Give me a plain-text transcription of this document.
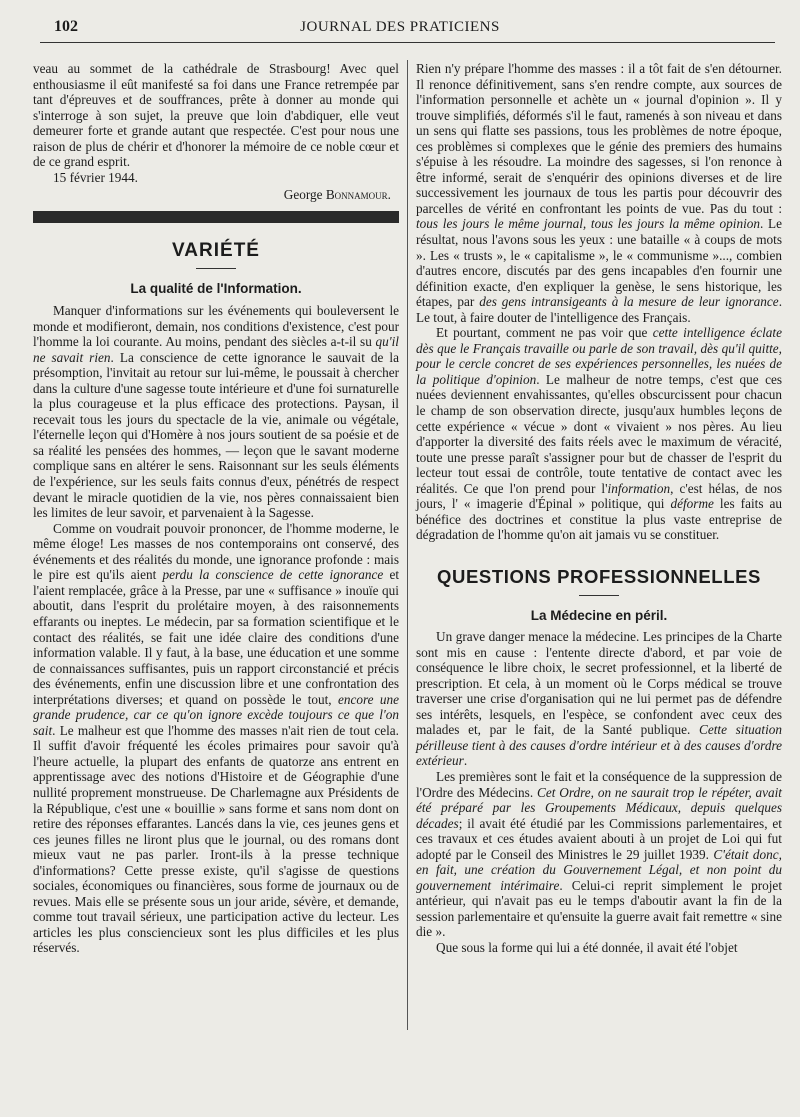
102	JOURNAL DES PRATICIENS

veau au sommet de la cathédrale de Strasbourg! Avec quel enthousiasme il eût manifesté sa foi dans une France retrempée par tant d'épreuves et de souffrances, prête à donner au monde qui s'interroge à son sujet, la preuve que loin d'abdiquer, elle veut demeurer forte et grande autant que respectée. C'est pour nous une raison de plus de chérir et d'honorer la mémoire de ce noble cœur et de ce grand esprit.

15 février 1944.

George Bonnamour.
VARIÉTÉ
La qualité de l'Information.

Manquer d'informations sur les événements qui bouleversent le monde et modifieront, demain, nos conditions d'existence, c'est pour l'homme la loi courante. Au moins, pendant des siècles a-t-il su qu'il ne savait rien. La conscience de cette ignorance le sauvait de la présomption, l'invitait au retour sur lui-même, le poussait à chercher dans la culture d'une sagesse toute intérieure et d'une foi surnaturelle la plus courageuse et la plus efficace des protections. Paysan, il recevait tous les jours du spectacle de la vie, animale ou végétale, l'éternelle leçon qui d'Homère à nos jours soutient de sa poésie et de sa réalité les pensées des hommes, — leçon que le savant moderne complique sans en altérer le sens. Raisonnant sur les seuls éléments de l'expérience, sur les seuls faits connus d'eux, pénétrés de respect devant le miracle quotidien de la vie, nos pères connaissaient bien les limites de leur savoir, et parvenaient à la Sagesse.

Comme on voudrait pouvoir prononcer, de l'homme moderne, le même éloge! Les masses de nos contemporains ont conservé, des événements et des réalités du monde, une ignorance profonde : mais le pire est qu'ils aient perdu la conscience de cette ignorance et l'aient remplacée, grâce à la Presse, par une « suffisance » inouïe qui aboutit, dans l'esprit du prolétaire moyen, à des raisonnements effarants ou ineptes. Le médecin, par sa formation scientifique et le contact des réalités, se fait une idée claire des conditions d'une information valable. Il y faut, à la base, une éducation et une somme de connaissances suffisantes, puis un rapport circonstancié et précis des événements, enfin une discussion libre et une confrontation des interprétations diverses; et quand on possède le tout, encore une grande prudence, car ce qu'on ignore excède toujours ce que l'on sait. Le malheur est que l'homme des masses n'ait rien de tout cela. Il suffit d'avoir fréquenté les écoles primaires pour savoir qu'à l'heure actuelle, la plupart des enfants de quatorze ans entrent en apprentissage avec des notions d'Histoire et de Géographie d'une nullité proprement monstrueuse. De Charlemagne aux Présidents de la République, c'est une « bouillie » sans forme et sans nom dont on retire des réponses effarantes. Lancés dans la vie, ces jeunes gens et ces jeunes filles ne liront plus que le journal, ou des romans dont mieux vaut ne pas parler. Iront-ils à la presse technique d'informations? Cette presse existe, qu'il s'agisse de questions sociales, économiques ou financières, sous forme de journaux ou de revues. Mais elle se présente sous un jour aride, sévère, et demande, comme tout travail sérieux, une participation active du lecteur. Les articles les plus consciencieux sont les plus difficiles et les plus réservés.

Rien n'y prépare l'homme des masses : il a tôt fait de s'en détourner. Il renonce définitivement, sans s'en rendre compte, aux sources de l'information personnelle et achète un « journal d'opinion ». Il y trouve simplifiés, déformés s'il le faut, ramenés à son niveau et dans un sens qui flatte ses passions, tous les problèmes de notre époque, ces problèmes si complexes que le génie des premiers des humains s'épuise à les résoudre. La moindre des sagesses, si l'on renonce à être informé, serait de s'enquérir des opinions diverses et de lire successivement les journaux de tous les partis pour découvrir des parcelles de vérité en confrontant les points de vue. Pas du tout : tous les jours le même journal, tous les jours la même opinion. Le résultat, nous l'avons sous les yeux : une bataille « à coups de mots ». Les « trusts », le « capitalisme », le « communisme »..., combien d'autres encore, discutés par des gens incapables d'en fournir une définition exacte, d'en expliquer la genèse, le sens historique, les étapes, par des gens intransigeants à la mesure de leur ignorance. Le tout, à faire douter de l'intelligence des Français.

Et pourtant, comment ne pas voir que cette intelligence éclate dès que le Français travaille ou parle de son travail, dès qu'il quitte, pour le cercle concret de ses expériences personnelles, les nuées de la politique d'opinion. Le malheur de notre temps, c'est que ces nuées deviennent envahissantes, qu'elles obscurcissent pour chacun le champ de son observation directe, jusqu'aux humbles leçons de cette expérience « vécue » dont « vivaient » nos pères. Au lieu d'apporter la diversité des faits réels avec le maximum de véracité, toute une presse paraît s'assigner pour but de chasser de l'esprit du lecteur tout essai de contrôle, toute tentative de contact avec les réalités. Ce que l'on prend pour l'information, c'est hélas, de nos jours, l' « imagerie d'Épinal » politique, qui déforme les faits au bénéfice des doctrines et constitue la plus vaste entreprise de dégradation de l'homme qu'on ait jamais vu se constituer.

QUESTIONS PROFESSIONNELLES
La Médecine en péril.

Un grave danger menace la médecine. Les principes de la Charte sont mis en cause : l'entente directe d'abord, et par voie de conséquence le libre choix, le secret professionnel, et la liberté de prescription. Et cela, à un moment où le Corps médical se trouve traverser une crise d'organisation qui ne lui permet pas de défendre ses intérêts, lesquels, en l'espèce, se confondent avec ceux des malades et, par le fait, de la Santé publique. Cette situation périlleuse tient à des causes d'ordre intérieur et à des causes d'ordre extérieur.

Les premières sont le fait et la conséquence de la suppression de l'Ordre des Médecins. Cet Ordre, on ne saurait trop le répéter, avait été préparé par les Groupements Médicaux, depuis quelques décades; il avait été étudié par les Commissions parlementaires, et ces travaux et ces études avaient abouti à un projet de Loi qui fut adopté par le Conseil des Ministres le 29 juillet 1939. C'était donc, en fait, une création du Gouvernement Légal, et non point du gouvernement intérimaire. Celui-ci reprit simplement le projet antérieur, qui n'avait pas eu le temps d'aboutir avant la fin de la session parlementaire et qu'ensuite la guerre avait fait remettre « sine die ».

Que sous la forme qui lui a été donnée, il avait été l'objet
